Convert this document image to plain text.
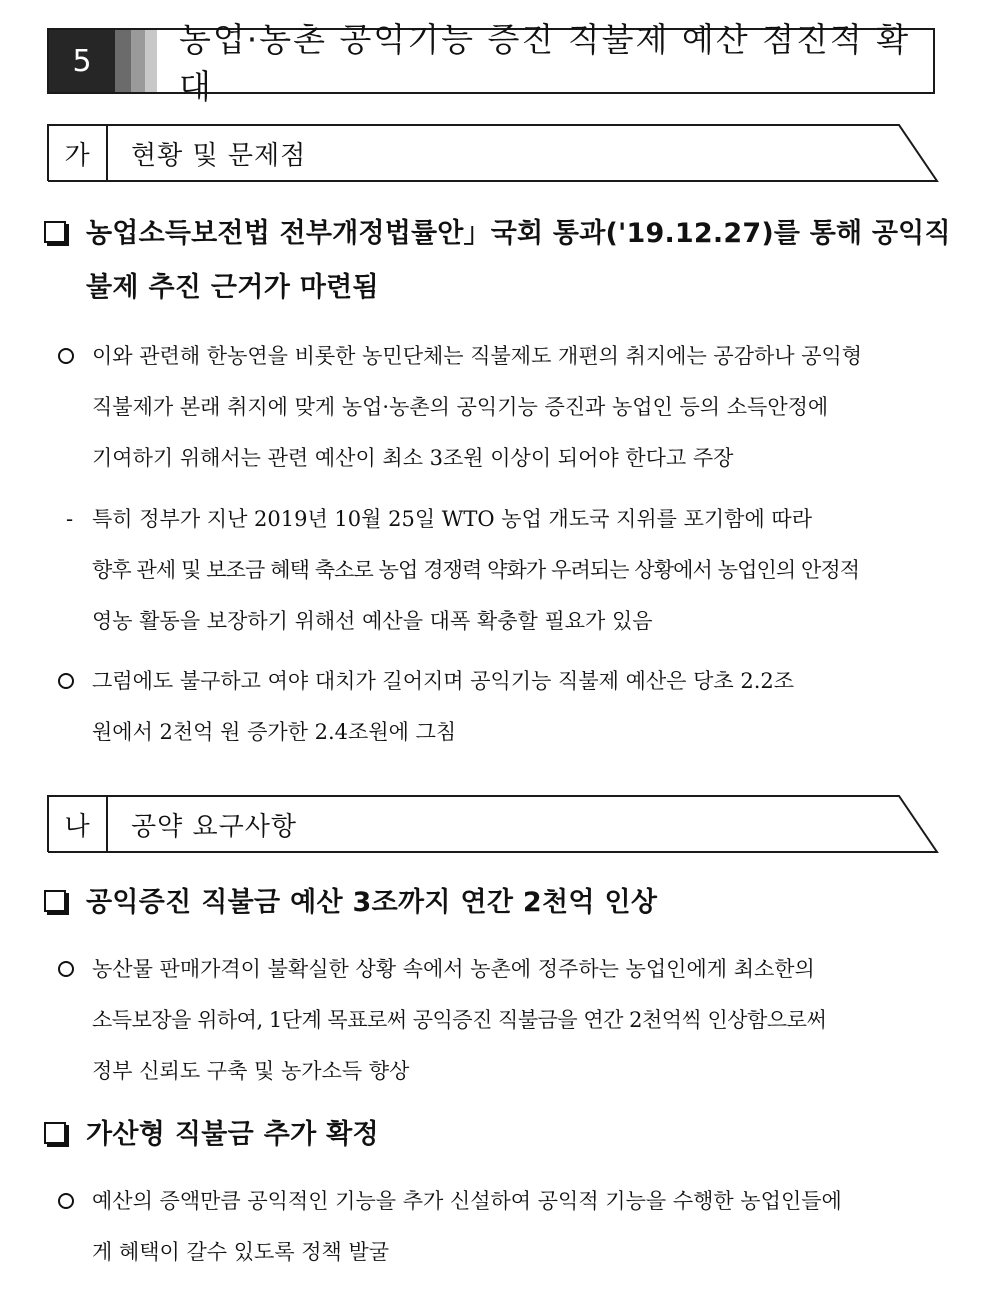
5
농업·농촌 공익기능 증진 직불제 예산 점진적 확대
가	현황 및 문제점
농업소득보전법 전부개정법률안」국회 통과('19.12.27)를 통해 공익직
불제 추진 근거가 마련됨
이와 관련해 한농연을 비롯한 농민단체는 직불제도 개편의 취지에는 공감하나 공익형
직불제가 본래 취지에 맞게 농업·농촌의 공익기능 증진과 농업인 등의 소득안정에
기여하기 위해서는 관련 예산이 최소 3조원 이상이 되어야 한다고 주장
- 특히 정부가 지난 2019년 10월 25일 WTO 농업 개도국 지위를 포기함에 따라
향후 관세 및 보조금 혜택 축소로 농업 경쟁력 약화가 우려되는 상황에서 농업인의 안정적
영농 활동을 보장하기 위해선 예산을 대폭 확충할 필요가 있음
그럼에도 불구하고 여야 대치가 길어지며 공익기능 직불제 예산은 당초 2.2조
원에서 2천억 원 증가한 2.4조원에 그침
나	공약 요구사항
공익증진 직불금 예산 3조까지 연간 2천억 인상
농산물 판매가격이 불확실한 상황 속에서 농촌에 정주하는 농업인에게 최소한의
소득보장을 위하여, 1단계 목표로써 공익증진 직불금을 연간 2천억씩 인상함으로써
정부 신뢰도 구축 및 농가소득 향상
가산형 직불금 추가 확정
예산의 증액만큼 공익적인 기능을 추가 신설하여 공익적 기능을 수행한 농업인들에
게 혜택이 갈수 있도록 정책 발굴
